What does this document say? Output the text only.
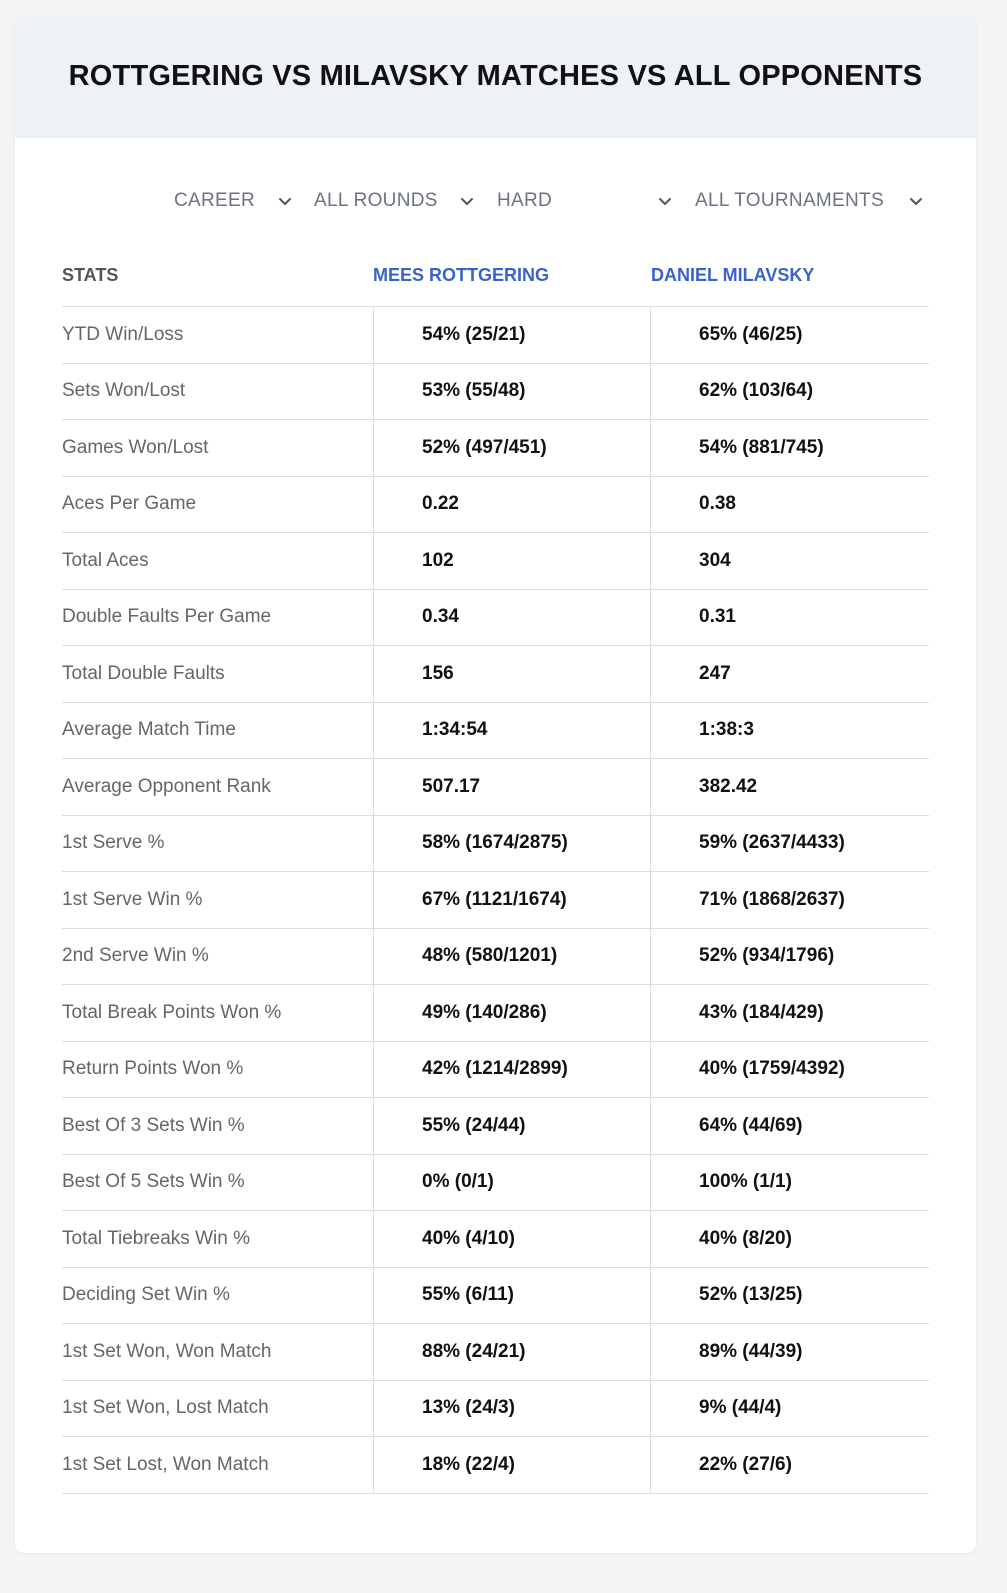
ROTTGERING VS MILAVSKY MATCHES VS ALL OPPONENTS
CAREER	ALL ROUNDS	HARD	ALL TOURNAMENTS
STATS	MEES ROTTGERING	DANIEL MILAVSKY
YTD Win/Loss	54% (25/21)	65% (46/25)
Sets Won/Lost	53% (55/48)	62% (103/64)
Games Won/Lost	52% (497/451)	54% (881/745)
Aces Per Game	0.22	0.38
Total Aces	102	304
Double Faults Per Game	0.34	0.31
Total Double Faults	156	247
Average Match Time	1:34:54	1:38:3
Average Opponent Rank	507.17	382.42
1st Serve %	58% (1674/2875)	59% (2637/4433)
1st Serve Win %	67% (1121/1674)	71% (1868/2637)
2nd Serve Win %	48% (580/1201)	52% (934/1796)
Total Break Points Won %	49% (140/286)	43% (184/429)
Return Points Won %	42% (1214/2899)	40% (1759/4392)
Best Of 3 Sets Win %	55% (24/44)	64% (44/69)
Best Of 5 Sets Win %	0% (0/1)	100% (1/1)
Total Tiebreaks Win %	40% (4/10)	40% (8/20)
Deciding Set Win %	55% (6/11)	52% (13/25)
1st Set Won, Won Match	88% (24/21)	89% (44/39)
1st Set Won, Lost Match	13% (24/3)	9% (44/4)
1st Set Lost, Won Match	18% (22/4)	22% (27/6)
